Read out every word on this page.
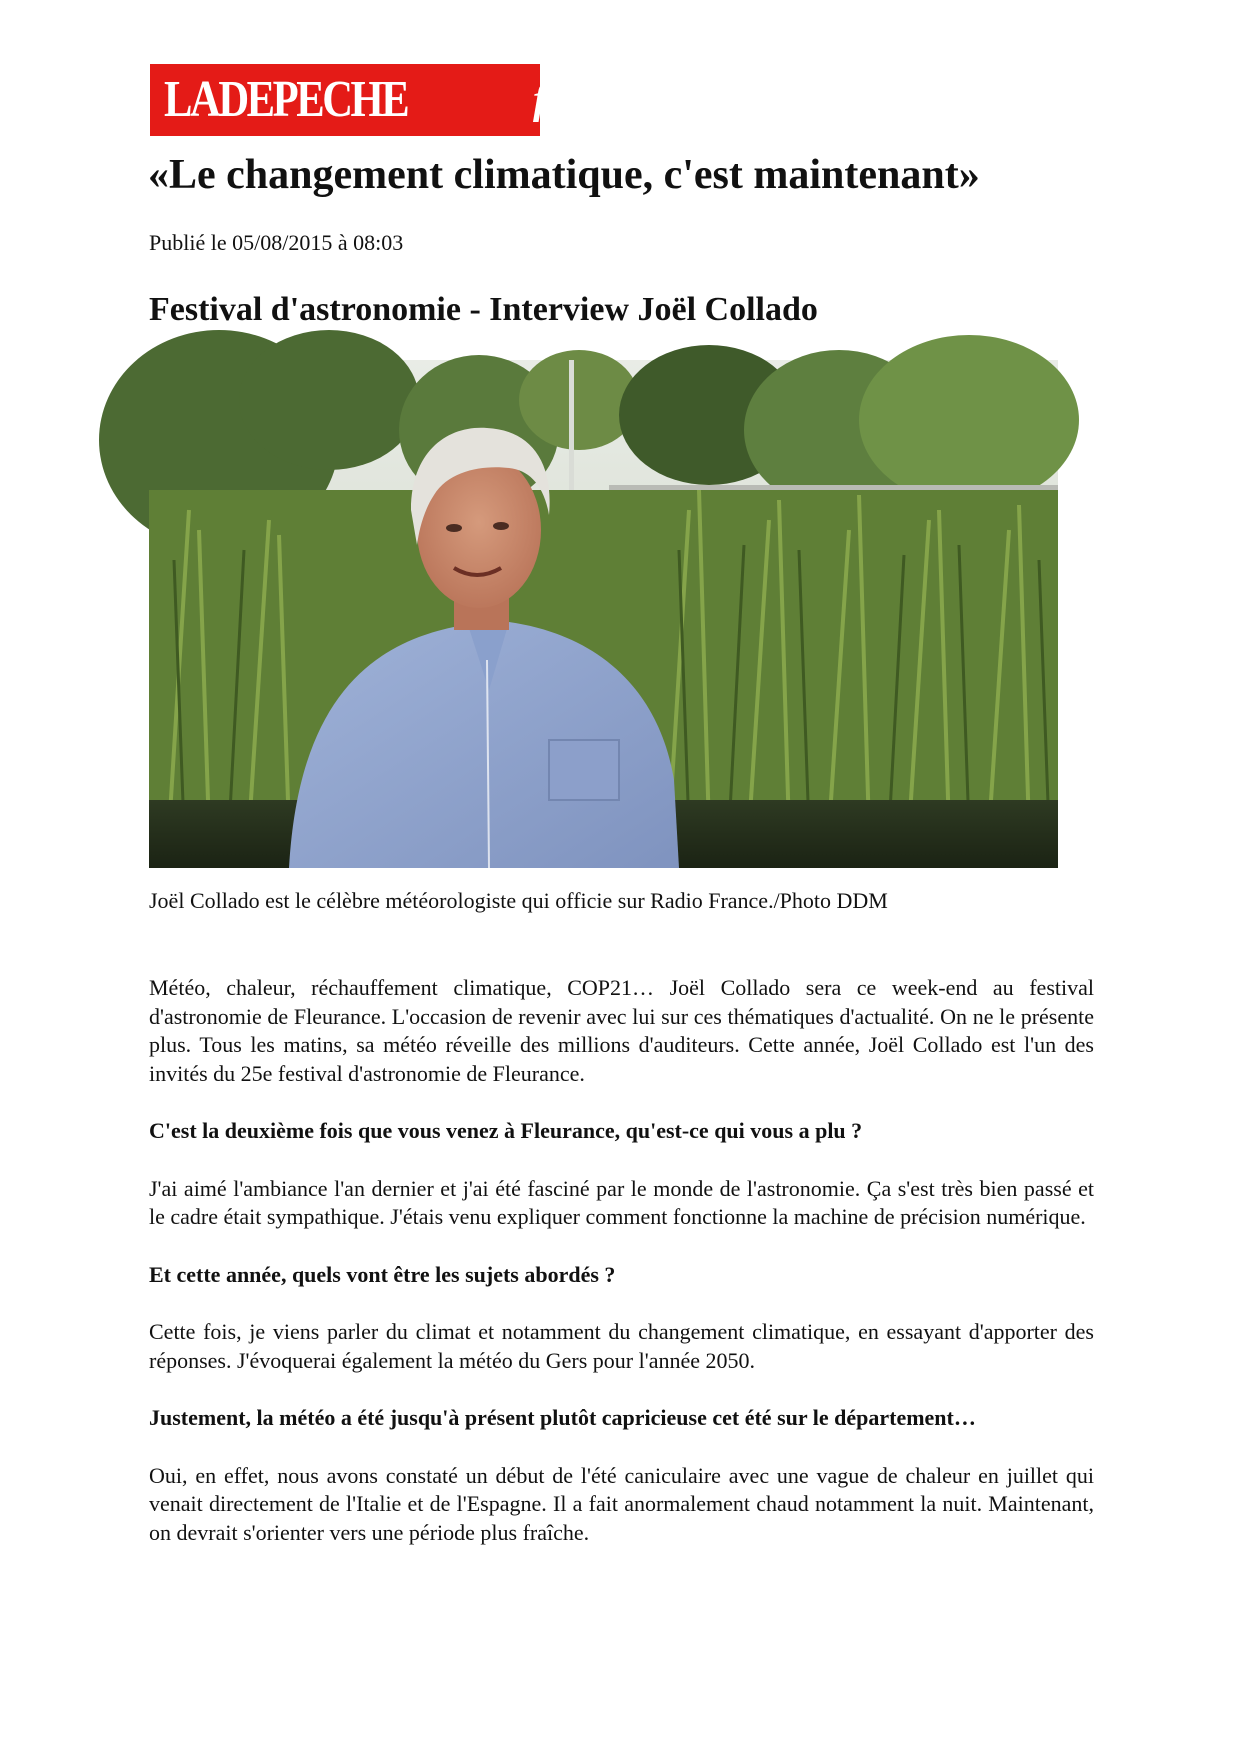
LADEPECHE	fr
«Le changement climatique, c'est maintenant»
Publié le 05/08/2015 à 08:03
Festival d'astronomie - Interview Joël Collado
Joël Collado est le célèbre météorologiste qui officie sur Radio France./Photo DDM

Météo, chaleur, réchauffement climatique, COP21… Joël Collado sera ce week-end au festival d'astronomie de Fleurance. L'occasion de revenir avec lui sur ces thématiques d'actualité. On ne le présente plus. Tous les matins, sa météo réveille des millions d'auditeurs. Cette année, Joël Collado est l'un des invités du 25e festival d'astronomie de Fleurance.

C'est la deuxième fois que vous venez à Fleurance, qu'est-ce qui vous a plu ?

J'ai aimé l'ambiance l'an dernier et j'ai été fasciné par le monde de l'astronomie. Ça s'est très bien passé et le cadre était sympathique. J'étais venu expliquer comment fonctionne la machine de précision numérique.

Et cette année, quels vont être les sujets abordés ?

Cette fois, je viens parler du climat et notamment du changement climatique, en essayant d'apporter des réponses. J'évoquerai également la météo du Gers pour l'année 2050.

Justement, la météo a été jusqu'à présent plutôt capricieuse cet été sur le département…

Oui, en effet, nous avons constaté un début de l'été caniculaire avec une vague de chaleur en juillet qui venait directement de l'Italie et de l'Espagne. Il a fait anormalement chaud notamment la nuit. Maintenant, on devrait s'orienter vers une période plus fraîche.
